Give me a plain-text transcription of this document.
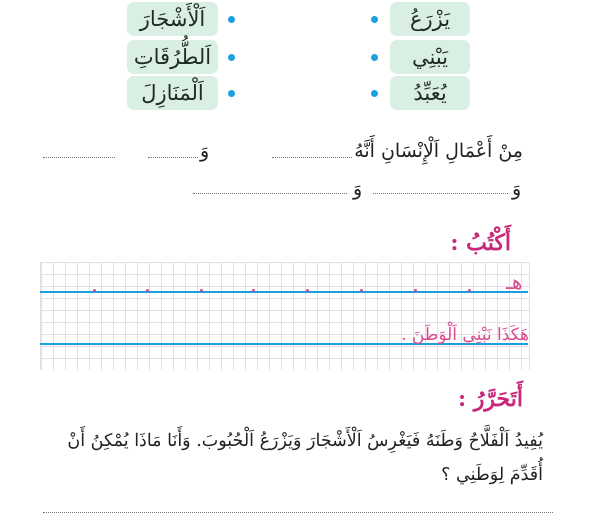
يَزْرَعُ
يَبْنِي
يُعَبِّدُ
اَلْأَشْجَارَ
اَلطُّرُقَاتِ
اَلْمَنَازِلَ
مِنْ أَعْمَالِ اَلْإِنْسَانِ أَنَّهُ
وَ
وَ
وَ
أَكْتُبُ :
هـ
هَكَذَا نَبْنِي اَلْوَطَنَ .
أَتَحَرَّرُ :
يُفِيدُ اَلْفَلَّاحُ وَطَنَهُ فَيَغْرِسُ اَلْأَشْجَارَ وَيَزْرَعُ اَلْحُبُوبَ. وَأَنَا مَاذَا يُمْكِنُ أَنْ
أُقَدِّمَ لِوَطَنِي ؟
